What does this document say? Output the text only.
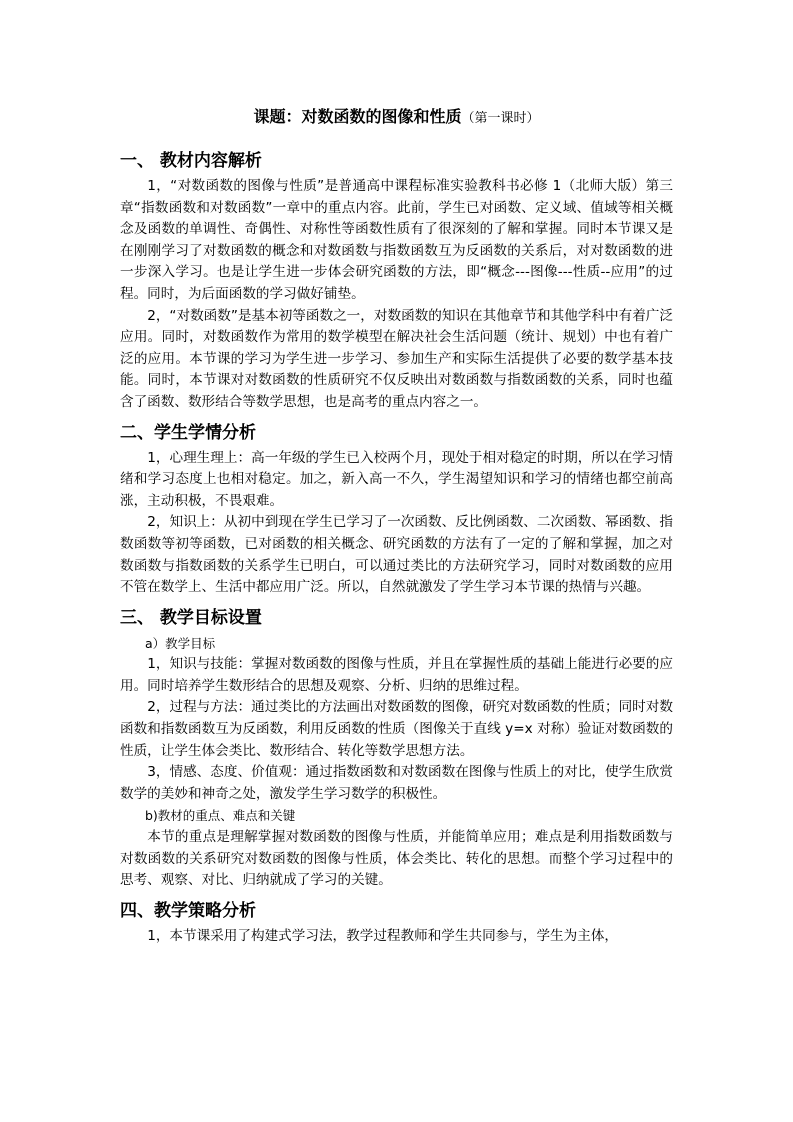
课题：对数函数的图像和性质（第一课时）
一、 教材内容解析

1，“对数函数的图像与性质”是普通高中课程标准实验教科书必修 1（北师大版）第三章“指数函数和对数函数”一章中的重点内容。此前，学生已对函数、定义域、值域等相关概念及函数的单调性、奇偶性、对称性等函数性质有了很深刻的了解和掌握。同时本节课又是在刚刚学习了对数函数的概念和对数函数与指数函数互为反函数的关系后，对对数函数的进一步深入学习。也是让学生进一步体会研究函数的方法，即“概念---图像---性质--应用”的过程。同时，为后面函数的学习做好铺垫。

2，“对数函数”是基本初等函数之一，对数函数的知识在其他章节和其他学科中有着广泛应用。同时，对数函数作为常用的数学模型在解决社会生活问题（统计、规划）中也有着广泛的应用。本节课的学习为学生进一步学习、参加生产和实际生活提供了必要的数学基本技能。同时，本节课对对数函数的性质研究不仅反映出对数函数与指数函数的关系，同时也蕴含了函数、数形结合等数学思想，也是高考的重点内容之一。

二、学生学情分析

1，心理生理上：高一年级的学生已入校两个月，现处于相对稳定的时期，所以在学习情绪和学习态度上也相对稳定。加之，新入高一不久，学生渴望知识和学习的情绪也都空前高涨，主动积极，不畏艰难。

2，知识上：从初中到现在学生已学习了一次函数、反比例函数、二次函数、幂函数、指数函数等初等函数，已对函数的相关概念、研究函数的方法有了一定的了解和掌握，加之对数函数与指数函数的关系学生已明白，可以通过类比的方法研究学习，同时对数函数的应用不管在数学上、生活中都应用广泛。所以，自然就激发了学生学习本节课的热情与兴趣。

三、 教学目标设置

a）教学目标

1，知识与技能：掌握对数函数的图像与性质，并且在掌握性质的基础上能进行必要的应用。同时培养学生数形结合的思想及观察、分析、归纳的思维过程。

2，过程与方法：通过类比的方法画出对数函数的图像，研究对数函数的性质；同时对数函数和指数函数互为反函数，利用反函数的性质（图像关于直线 y=x 对称）验证对数函数的性质，让学生体会类比、数形结合、转化等数学思想方法。

3，情感、态度、价值观：通过指数函数和对数函数在图像与性质上的对比，使学生欣赏数学的美妙和神奇之处，激发学生学习数学的积极性。

b)教材的重点、难点和关键

本节的重点是理解掌握对数函数的图像与性质，并能简单应用；难点是利用指数函数与对数函数的关系研究对数函数的图像与性质，体会类比、转化的思想。而整个学习过程中的思考、观察、对比、归纳就成了学习的关键。

四、教学策略分析

1，本节课采用了构建式学习法，教学过程教师和学生共同参与，学生为主体，
